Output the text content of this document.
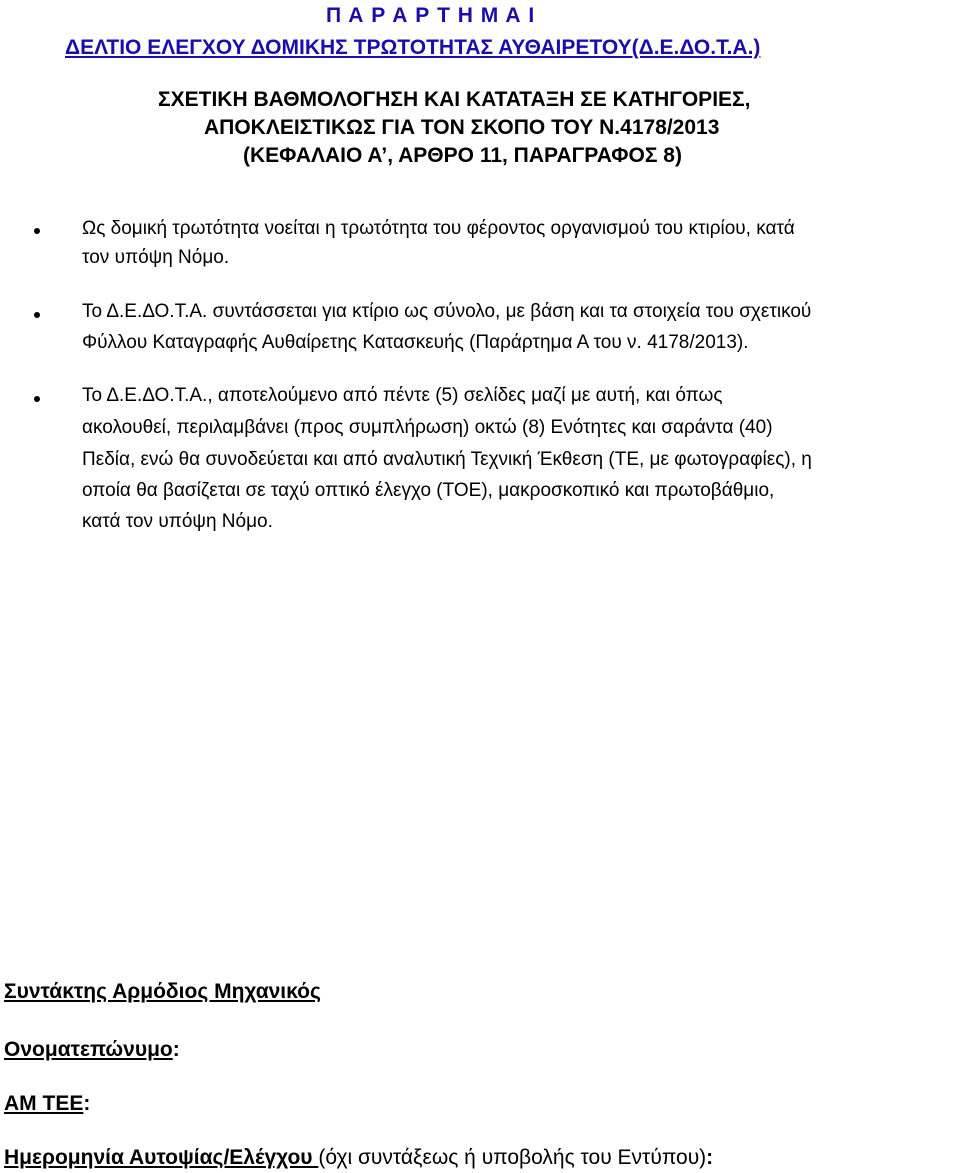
Π Α Ρ Α Ρ Τ Η Μ Α Ι
ΔΕΛΤΙΟ ΕΛΕΓΧΟΥ ΔΟΜΙΚΗΣ ΤΡΩΤΟΤΗΤΑΣ ΑΥΘΑΙΡΕΤΟΥ(Δ.Ε.ΔΟ.Τ.Α.)
ΣΧΕΤΙΚΗ ΒΑΘΜΟΛΟΓΗΣΗ ΚΑΙ ΚΑΤΑΤΑΞΗ ΣΕ ΚΑΤΗΓΟΡΙΕΣ,
ΑΠΟΚΛΕΙΣΤΙΚΩΣ ΓΙΑ ΤΟΝ ΣΚΟΠΟ ΤΟΥ Ν.4178/2013
(ΚΕΦΑΛΑΙΟ Α’, ΑΡΘΡΟ 11, ΠΑΡΑΓΡΑΦΟΣ 8)
Ως δομική τρωτότητα νοείται η τρωτότητα του φέροντος οργανισμού του κτιρίου, κατά
τον υπόψη Νόμο.
Το Δ.Ε.ΔΟ.Τ.Α. συντάσσεται για κτίριο ως σύνολο, με βάση και τα στοιχεία του σχετικού
Φύλλου Καταγραφής Αυθαίρετης Κατασκευής (Παράρτημα Α του ν. 4178/2013).
Το Δ.Ε.ΔΟ.Τ.Α., αποτελούμενο από πέντε (5) σελίδες μαζί με αυτή, και όπως
ακολουθεί, περιλαμβάνει (προς συμπλήρωση) οκτώ (8) Ενότητες και σαράντα (40)
Πεδία, ενώ θα συνοδεύεται και από αναλυτική Τεχνική Έκθεση (ΤΕ, με φωτογραφίες), η
οποία θα βασίζεται σε ταχύ οπτικό έλεγχο (ΤΟΕ), μακροσκοπικό και πρωτοβάθμιο,
κατά τον υπόψη Νόμο.
Συντάκτης Αρμόδιος Μηχανικός
Ονοματεπώνυμο:
ΑΜ ΤΕΕ:
Ημερομηνία Αυτοψίας/Ελέγχου (όχι συντάξεως ή υποβολής του Εντύπου):
